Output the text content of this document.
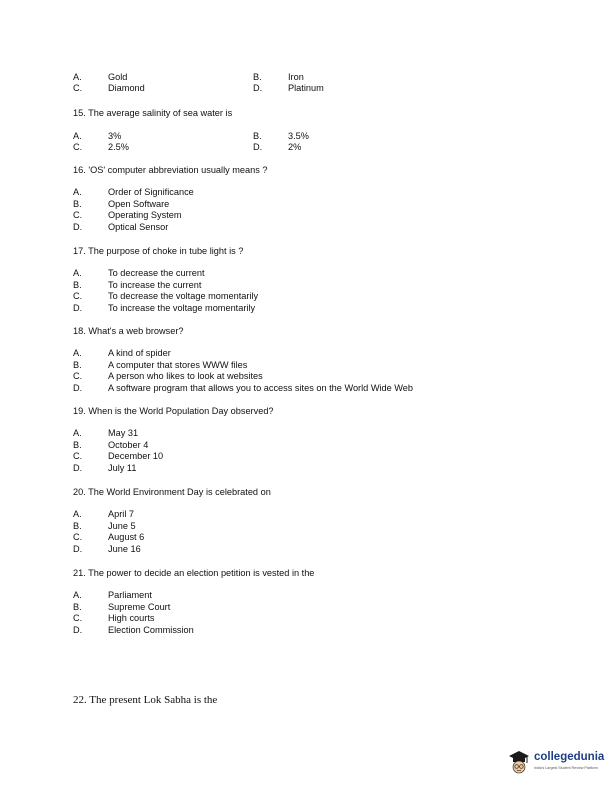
A.	Gold	B.	Iron
C.	Diamond	D.	Platinum
15. The average salinity of sea water is
A.	3%	B.	3.5%
C.	2.5%	D.	2%
16. 'OS' computer abbreviation usually means ?
A.	Order of Significance
B.	Open Software
C.	Operating System
D.	Optical Sensor
17. The purpose of choke in tube light is ?
A.	To decrease the current
B.	To increase the current
C.	To decrease the voltage momentarily
D.	To increase the voltage momentarily
18. What's a web browser?
A.	A kind of spider
B.	A computer that stores WWW files
C.	A person who likes to look at websites
D.	A software program that allows you to access sites on the World Wide Web
19. When is the World Population Day observed?
A.	May 31
B.	October 4
C.	December 10
D.	July 11
20. The World Environment Day is celebrated on
A.	April 7
B.	June 5
C.	August 6
D.	June 16
21. The power to decide an election petition is vested in the
A.	Parliament
B.	Supreme Court
C.	High courts
D.	Election Commission
22. The present Lok Sabha is the
collegedunia
India's Largest Student Review Platform
